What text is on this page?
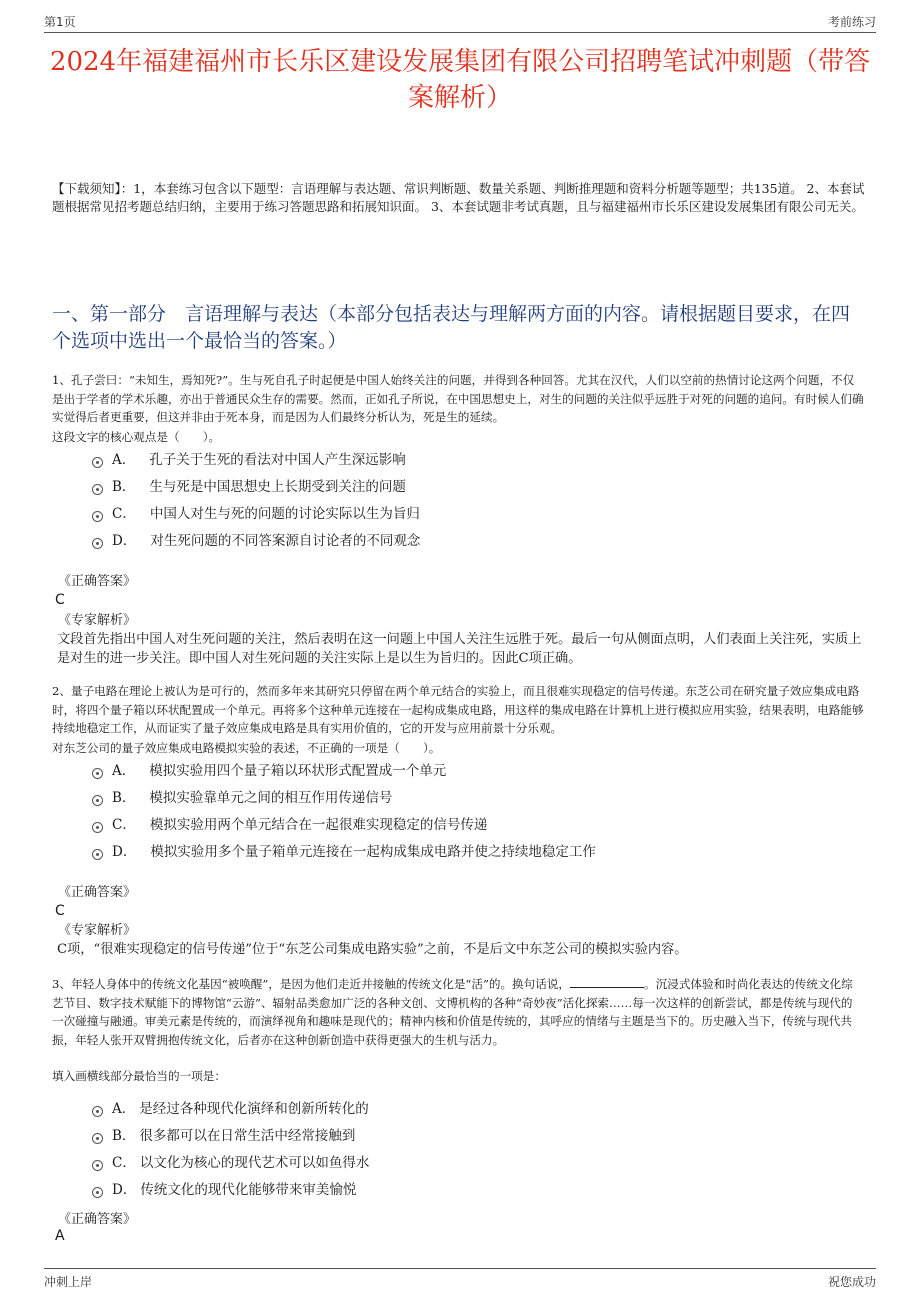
第1页	考前练习
2024年福建福州市长乐区建设发展集团有限公司招聘笔试冲刺题（带答案解析）
【下载须知】：1，本套练习包含以下题型：言语理解与表达题、常识判断题、数量关系题、判断推理题和资料分析题等题型；共135道。 2、本套试题根据常见招考题总结归纳，主要用于练习答题思路和拓展知识面。 3、本套试题非考试真题，且与福建福州市长乐区建设发展集团有限公司无关。
一、第一部分　言语理解与表达（本部分包括表达与理解两方面的内容。请根据题目要求，在四个选项中选出一个最恰当的答案。）
1、孔子尝曰：“未知生，焉知死?”。生与死自孔子时起便是中国人始终关注的问题，并得到各种回答。尤其在汉代，人们以空前的热情讨论这两个问题，不仅是出于学者的学术乐趣，亦出于普通民众生存的需要。然而，正如孔子所说，在中国思想史上，对生的问题的关注似乎远胜于对死的问题的追问。有时候人们确实觉得后者更重要，但这并非由于死本身，而是因为人们最终分析认为，死是生的延续。
这段文字的核心观点是（　　）。
A． 孔子关于生死的看法对中国人产生深远影响
B． 生与死是中国思想史上长期受到关注的问题
C． 中国人对生与死的问题的讨论实际以生为旨归
D． 对生死问题的不同答案源自讨论者的不同观念
《正确答案》
C
《专家解析》
文段首先指出中国人对生死问题的关注，然后表明在这一问题上中国人关注生远胜于死。最后一句从侧面点明，人们表面上关注死，实质上是对生的进一步关注。即中国人对生死问题的关注实际上是以生为旨归的。因此C项正确。
2、量子电路在理论上被认为是可行的，然而多年来其研究只停留在两个单元结合的实验上，而且很难实现稳定的信号传递。东芝公司在研究量子效应集成电路时，将四个量子箱以环状配置成一个单元。再将多个这种单元连接在一起构成集成电路，用这样的集成电路在计算机上进行模拟应用实验，结果表明，电路能够持续地稳定工作，从而证实了量子效应集成电路是具有实用价值的，它的开发与应用前景十分乐观。
对东芝公司的量子效应集成电路模拟实验的表述，不正确的一项是（　　）。
A． 模拟实验用四个量子箱以环状形式配置成一个单元
B． 模拟实验靠单元之间的相互作用传递信号
C． 模拟实验用两个单元结合在一起很难实现稳定的信号传递
D． 模拟实验用多个量子箱单元连接在一起构成集成电路并使之持续地稳定工作
《正确答案》
C
《专家解析》
C项，“很难实现稳定的信号传递”位于“东芝公司集成电路实验”之前，不是后文中东芝公司的模拟实验内容。
3、年轻人身体中的传统文化基因“被唤醒”，是因为他们走近并接触的传统文化是“活”的。换句话说，	。沉浸式体验和时尚化表达的传统文化综艺节目、数字技术赋能下的博物馆“云游”、辐射品类愈加广泛的各种文创、文博机构的各种“奇妙夜”活化探索……每一次这样的创新尝试，都是传统与现代的一次碰撞与融通。审美元素是传统的，而演绎视角和趣味是现代的；精神内核和价值是传统的，其呼应的情绪与主题是当下的。历史融入当下，传统与现代共振，年轻人张开双臂拥抱传统文化，后者亦在这种创新创造中获得更强大的生机与活力。
填入画横线部分最恰当的一项是：
A． 是经过各种现代化演绎和创新所转化的
B． 很多都可以在日常生活中经常接触到
C． 以文化为核心的现代艺术可以如鱼得水
D． 传统文化的现代化能够带来审美愉悦
《正确答案》
A
冲刺上岸	祝您成功
